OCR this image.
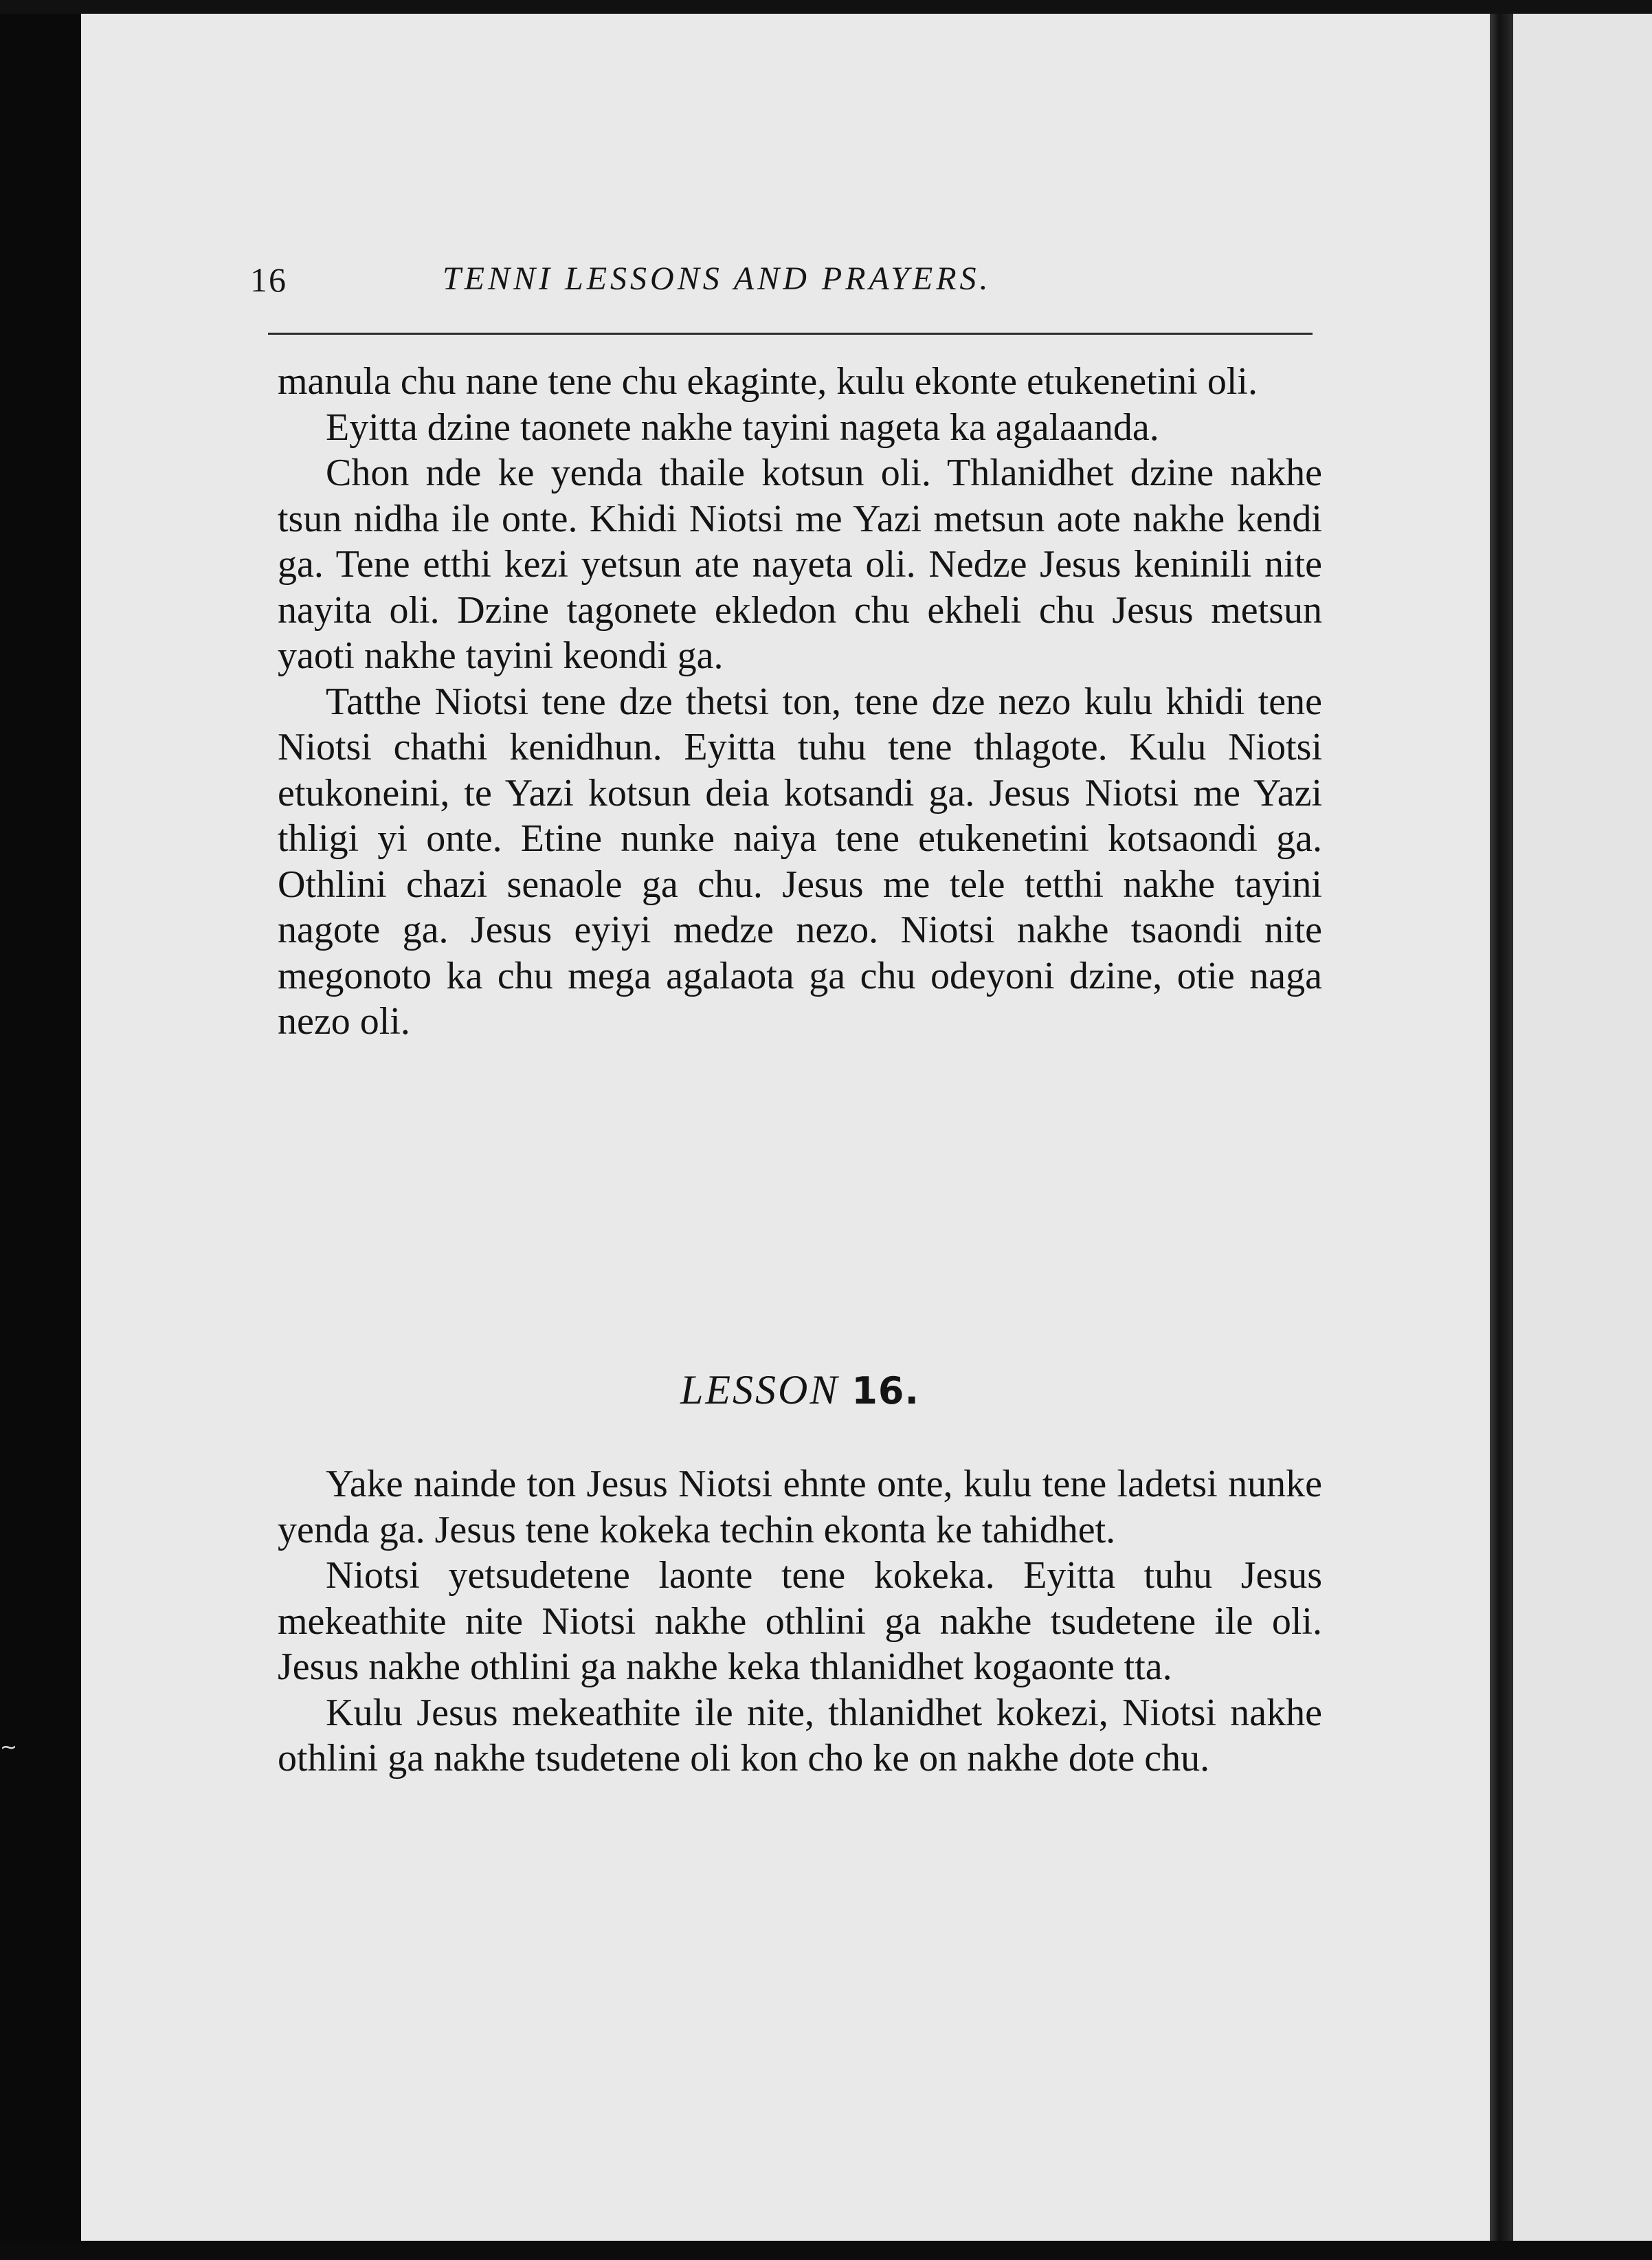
~
16	TENNI LESSONS AND PRAYERS.

manula chu nane tene chu ekaginte, kulu ekonte etukenetini oli.

Eyitta dzine taonete nakhe tayini nageta ka agalaanda.

Chon nde ke yenda thaile kotsun oli. Thlanidhet dzine nakhe tsun nidha ile onte. Khidi Niotsi me Yazi metsun aote nakhe kendi ga. Tene etthi kezi yetsun ate nayeta oli. Nedze Jesus keninili nite nayita oli. Dzine tagonete ekledon chu ekheli chu Jesus metsun yaoti nakhe tayini keondi ga.

Tatthe Niotsi tene dze thetsi ton, tene dze nezo kulu khidi tene Niotsi chathi kenidhun. Eyitta tuhu tene thlagote. Kulu Niotsi etukoneini, te Yazi kotsun deia kotsandi ga. Jesus Niotsi me Yazi thligi yi onte. Etine nunke naiya tene etukenetini kotsaondi ga. Othlini chazi senaole ga chu. Jesus me tele tetthi nakhe tayini nagote ga. Jesus eyiyi medze nezo. Niotsi nakhe tsaondi nite megonoto ka chu mega agalaota ga chu odeyoni dzine, otie naga nezo oli.

LESSON 16.

Yake nainde ton Jesus Niotsi ehnte onte, kulu tene ladetsi nunke yenda ga. Jesus tene kokeka techin ekonta ke tahidhet.

Niotsi yetsudetene laonte tene kokeka. Eyitta tuhu Jesus mekeathite nite Niotsi nakhe othlini ga nakhe tsudetene ile oli. Jesus nakhe othlini ga nakhe keka thlanidhet kogaonte tta.

Kulu Jesus mekeathite ile nite, thlanidhet kokezi, Niotsi nakhe othlini ga nakhe tsudetene oli kon cho ke on nakhe dote chu.
